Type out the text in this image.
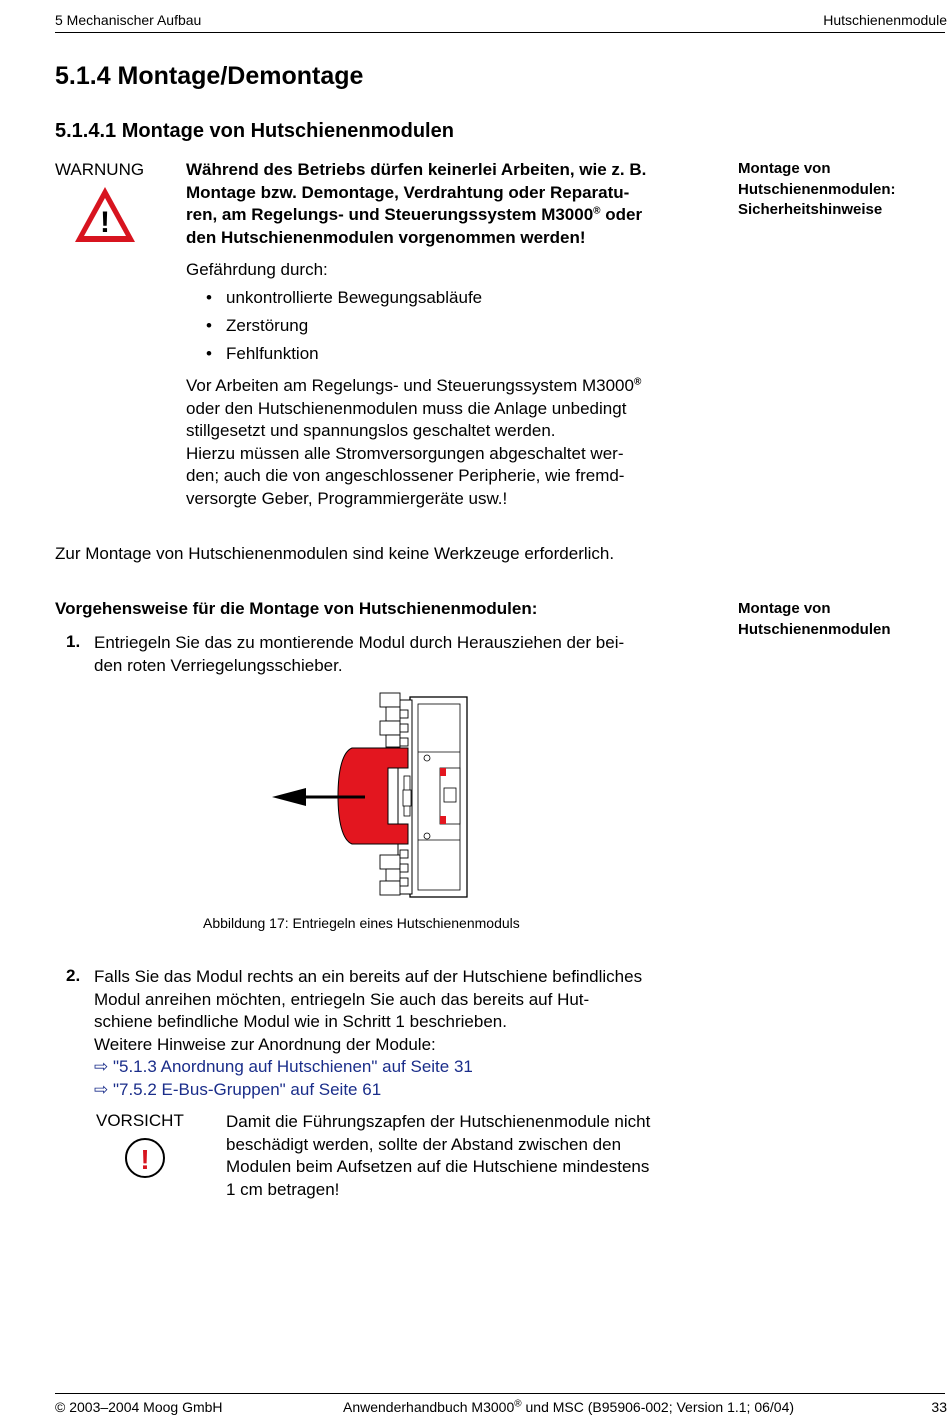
5 Mechanischer Aufbau	Hutschienenmodule
5.1.4 Montage/Demontage
5.1.4.1 Montage von Hutschienenmodulen
WARNUNG
!
Während des Betriebs dürfen keinerlei Arbeiten, wie z. B.
Montage bzw. Demontage, Verdrahtung oder Reparatu-
ren, am Regelungs- und Steuerungssystem M3000® oder
den Hutschienenmodulen vorgenommen werden!
Gefährdung durch:
• unkontrollierte Bewegungsabläufe
• Zerstörung
• Fehlfunktion
Vor Arbeiten am Regelungs- und Steuerungssystem M3000®
oder den Hutschienenmodulen muss die Anlage unbedingt
stillgesetzt und spannungslos geschaltet werden.
Hierzu müssen alle Stromversorgungen abgeschaltet wer-
den; auch die von angeschlossener Peripherie, wie fremd-
versorgte Geber, Programmiergeräte usw.!
Montage von
Hutschienenmodulen:
Sicherheitshinweise
Zur Montage von Hutschienenmodulen sind keine Werkzeuge erforderlich.
Vorgehensweise für die Montage von Hutschienenmodulen:	Montage von
Hutschienenmodulen
1. Entriegeln Sie das zu montierende Modul durch Herausziehen der bei-
den roten Verriegelungsschieber.
Abbildung 17: Entriegeln eines Hutschienenmoduls
2. Falls Sie das Modul rechts an ein bereits auf der Hutschiene befindliches
Modul anreihen möchten, entriegeln Sie auch das bereits auf Hut-
schiene befindliche Modul wie in Schritt 1 beschrieben.
Weitere Hinweise zur Anordnung der Module:
⇨ "5.1.3 Anordnung auf Hutschienen" auf Seite 31
⇨ "7.5.2 E-Bus-Gruppen" auf Seite 61
VORSICHT
!
Damit die Führungszapfen der Hutschienenmodule nicht
beschädigt werden, sollte der Abstand zwischen den
Modulen beim Aufsetzen auf die Hutschiene mindestens
1 cm betragen!
© 2003–2004 Moog GmbH	Anwenderhandbuch M3000® und MSC (B95906-002; Version 1.1; 06/04)	33
